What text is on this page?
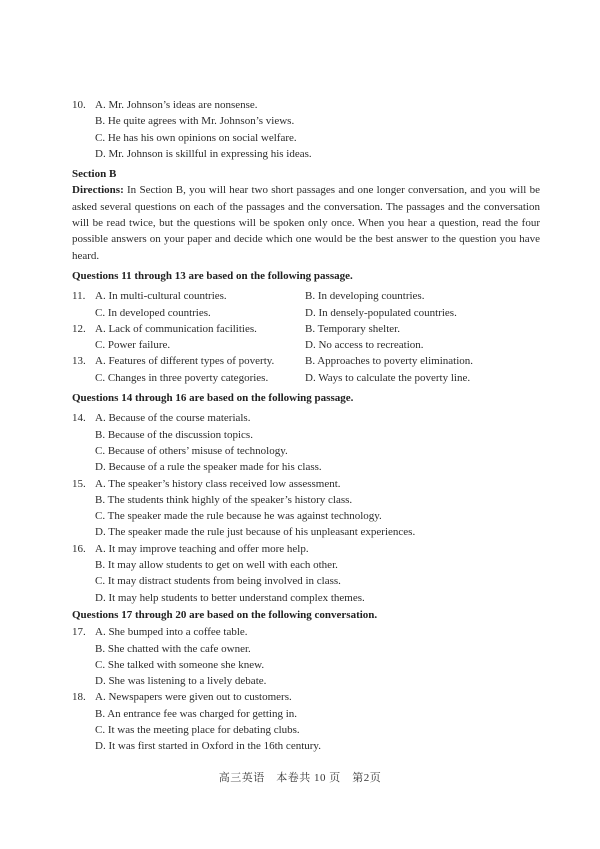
10. A. Mr. Johnson’s ideas are nonsense.
B. He quite agrees with Mr. Johnson’s views.
C. He has his own opinions on social welfare.
D. Mr. Johnson is skillful in expressing his ideas.
Section B

Directions: In Section B, you will hear two short passages and one longer conversation, and you will be asked several questions on each of the passages and the conversation. The passages and the conversation will be read twice, but the questions will be spoken only once. When you hear a question, read the four possible answers on your paper and decide which one would be the best answer to the question you have heard.

Questions 11 through 13 are based on the following passage.
11. A. In multi-cultural countries.	B. In developing countries.
C. In developed countries.	D. In densely-populated countries.
12. A. Lack of communication facilities.	B. Temporary shelter.
C. Power failure.	D. No access to recreation.
13. A. Features of different types of poverty.	B. Approaches to poverty elimination.
C. Changes in three poverty categories.	D. Ways to calculate the poverty line.
Questions 14 through 16 are based on the following passage.
14. A. Because of the course materials.
B. Because of the discussion topics.
C. Because of others’ misuse of technology.
D. Because of a rule the speaker made for his class.
15. A. The speaker’s history class received low assessment.
B. The students think highly of the speaker’s history class.
C. The speaker made the rule because he was against technology.
D. The speaker made the rule just because of his unpleasant experiences.
16. A. It may improve teaching and offer more help.
B. It may allow students to get on well with each other.
C. It may distract students from being involved in class.
D. It may help students to better understand complex themes.
Questions 17 through 20 are based on the following conversation.
17. A. She bumped into a coffee table.
B. She chatted with the cafe owner.
C. She talked with someone she knew.
D. She was listening to a lively debate.
18. A. Newspapers were given out to customers.
B. An entrance fee was charged for getting in.
C. It was the meeting place for debating clubs.
D. It was first started in Oxford in the 16th century.
高三英语　本卷共 10 页　第2页
